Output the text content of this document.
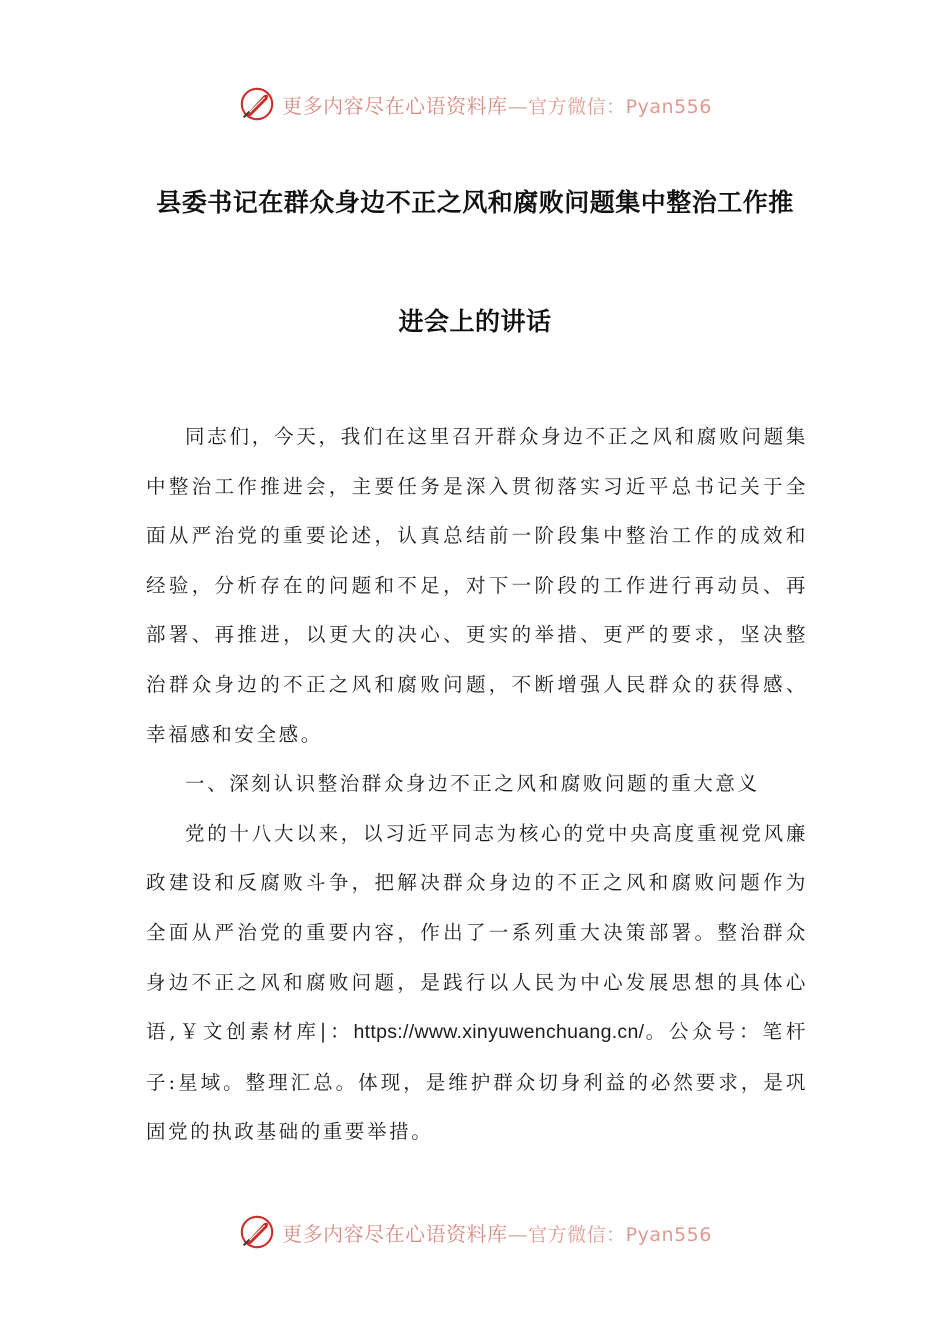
更多内容尽在心语资料库—官方微信：Pyan556
县委书记在群众身边不正之风和腐败问题集中整治工作推
进会上的讲话

同志们，今天，我们在这里召开群众身边不正之风和腐败问题集中整治工作推进会，主要任务是深入贯彻落实习近平总书记关于全面从严治党的重要论述，认真总结前一阶段集中整治工作的成效和经验，分析存在的问题和不足，对下一阶段的工作进行再动员、再部署、再推进，以更大的决心、更实的举措、更严的要求，坚决整治群众身边的不正之风和腐败问题，不断增强人民群众的获得感、幸福感和安全感。

一、深刻认识整治群众身边不正之风和腐败问题的重大意义

党的十八大以来，以习近平同志为核心的党中央高度重视党风廉政建设和反腐败斗争，把解决群众身边的不正之风和腐败问题作为全面从严治党的重要内容，作出了一系列重大决策部署。整治群众身边不正之风和腐败问题，是践行以人民为中心发展思想的具体心语,￥文创素材库|：https://www.xinyuwenchuang.cn/。公众号：笔杆子:星域。整理汇总。体现，是维护群众切身利益的必然要求，是巩固党的执政基础的重要举措。

更多内容尽在心语资料库—官方微信：Pyan556
